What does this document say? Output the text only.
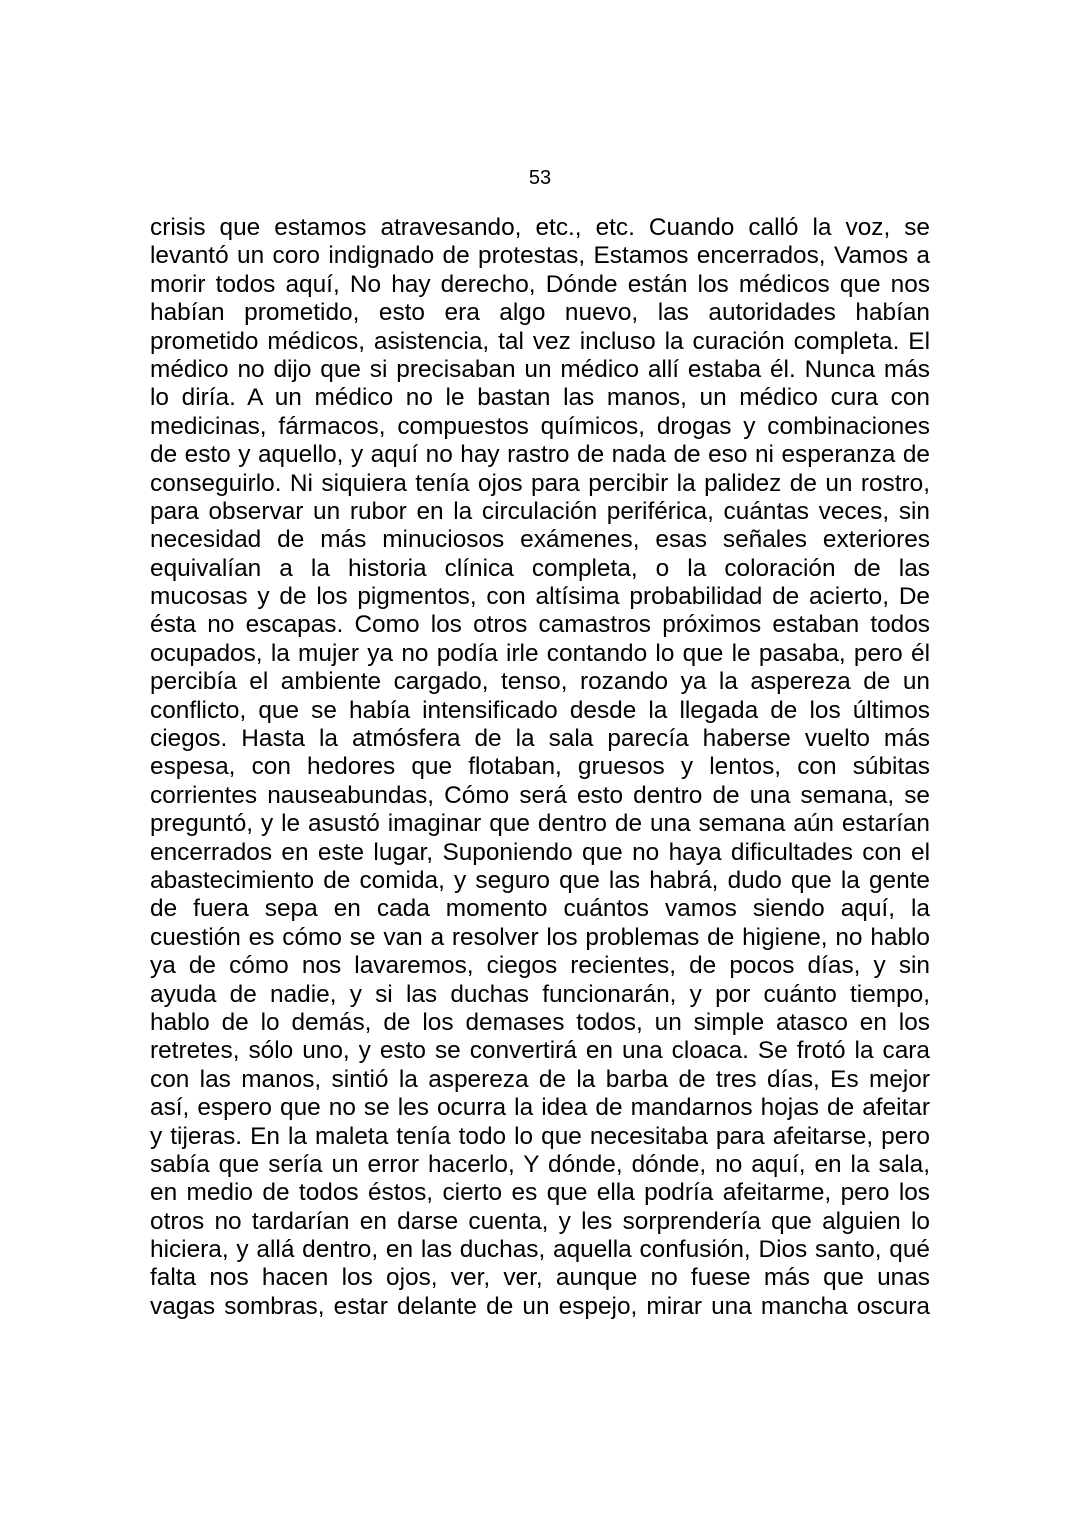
53
crisis que estamos atravesando, etc., etc. Cuando calló la voz, se
levantó un coro indignado de protestas, Estamos encerrados, Vamos a
morir todos aquí, No hay derecho, Dónde están los médicos que nos
habían prometido, esto era algo nuevo, las autoridades habían
prometido médicos, asistencia, tal vez incluso la curación completa. El
médico no dijo que si precisaban un médico allí estaba él. Nunca más
lo diría. A un médico no le bastan las manos, un médico cura con
medicinas, fármacos, compuestos químicos, drogas y combinaciones
de esto y aquello, y aquí no hay rastro de nada de eso ni esperanza de
conseguirlo. Ni siquiera tenía ojos para percibir la palidez de un rostro,
para observar un rubor en la circulación periférica, cuántas veces, sin
necesidad de más minuciosos exámenes, esas señales exteriores
equivalían a la historia clínica completa, o la coloración de las
mucosas y de los pigmentos, con altísima probabilidad de acierto, De
ésta no escapas. Como los otros camastros próximos estaban todos
ocupados, la mujer ya no podía irle contando lo que le pasaba, pero él
percibía el ambiente cargado, tenso, rozando ya la aspereza de un
conflicto, que se había intensificado desde la llegada de los últimos
ciegos. Hasta la atmósfera de la sala parecía haberse vuelto más
espesa, con hedores que flotaban, gruesos y lentos, con súbitas
corrientes nauseabundas, Cómo será esto dentro de una semana, se
preguntó, y le asustó imaginar que dentro de una semana aún estarían
encerrados en este lugar, Suponiendo que no haya dificultades con el
abastecimiento de comida, y seguro que las habrá, dudo que la gente
de fuera sepa en cada momento cuántos vamos siendo aquí, la
cuestión es cómo se van a resolver los problemas de higiene, no hablo
ya de cómo nos lavaremos, ciegos recientes, de pocos días, y sin
ayuda de nadie, y si las duchas funcionarán, y por cuánto tiempo,
hablo de lo demás, de los demases todos, un simple atasco en los
retretes, sólo uno, y esto se convertirá en una cloaca. Se frotó la cara
con las manos, sintió la aspereza de la barba de tres días, Es mejor
así, espero que no se les ocurra la idea de mandarnos hojas de afeitar
y tijeras. En la maleta tenía todo lo que necesitaba para afeitarse, pero
sabía que sería un error hacerlo, Y dónde, dónde, no aquí, en la sala,
en medio de todos éstos, cierto es que ella podría afeitarme, pero los
otros no tardarían en darse cuenta, y les sorprendería que alguien lo
hiciera, y allá dentro, en las duchas, aquella confusión, Dios santo, qué
falta nos hacen los ojos, ver, ver, aunque no fuese más que unas
vagas sombras, estar delante de un espejo, mirar una mancha oscura
